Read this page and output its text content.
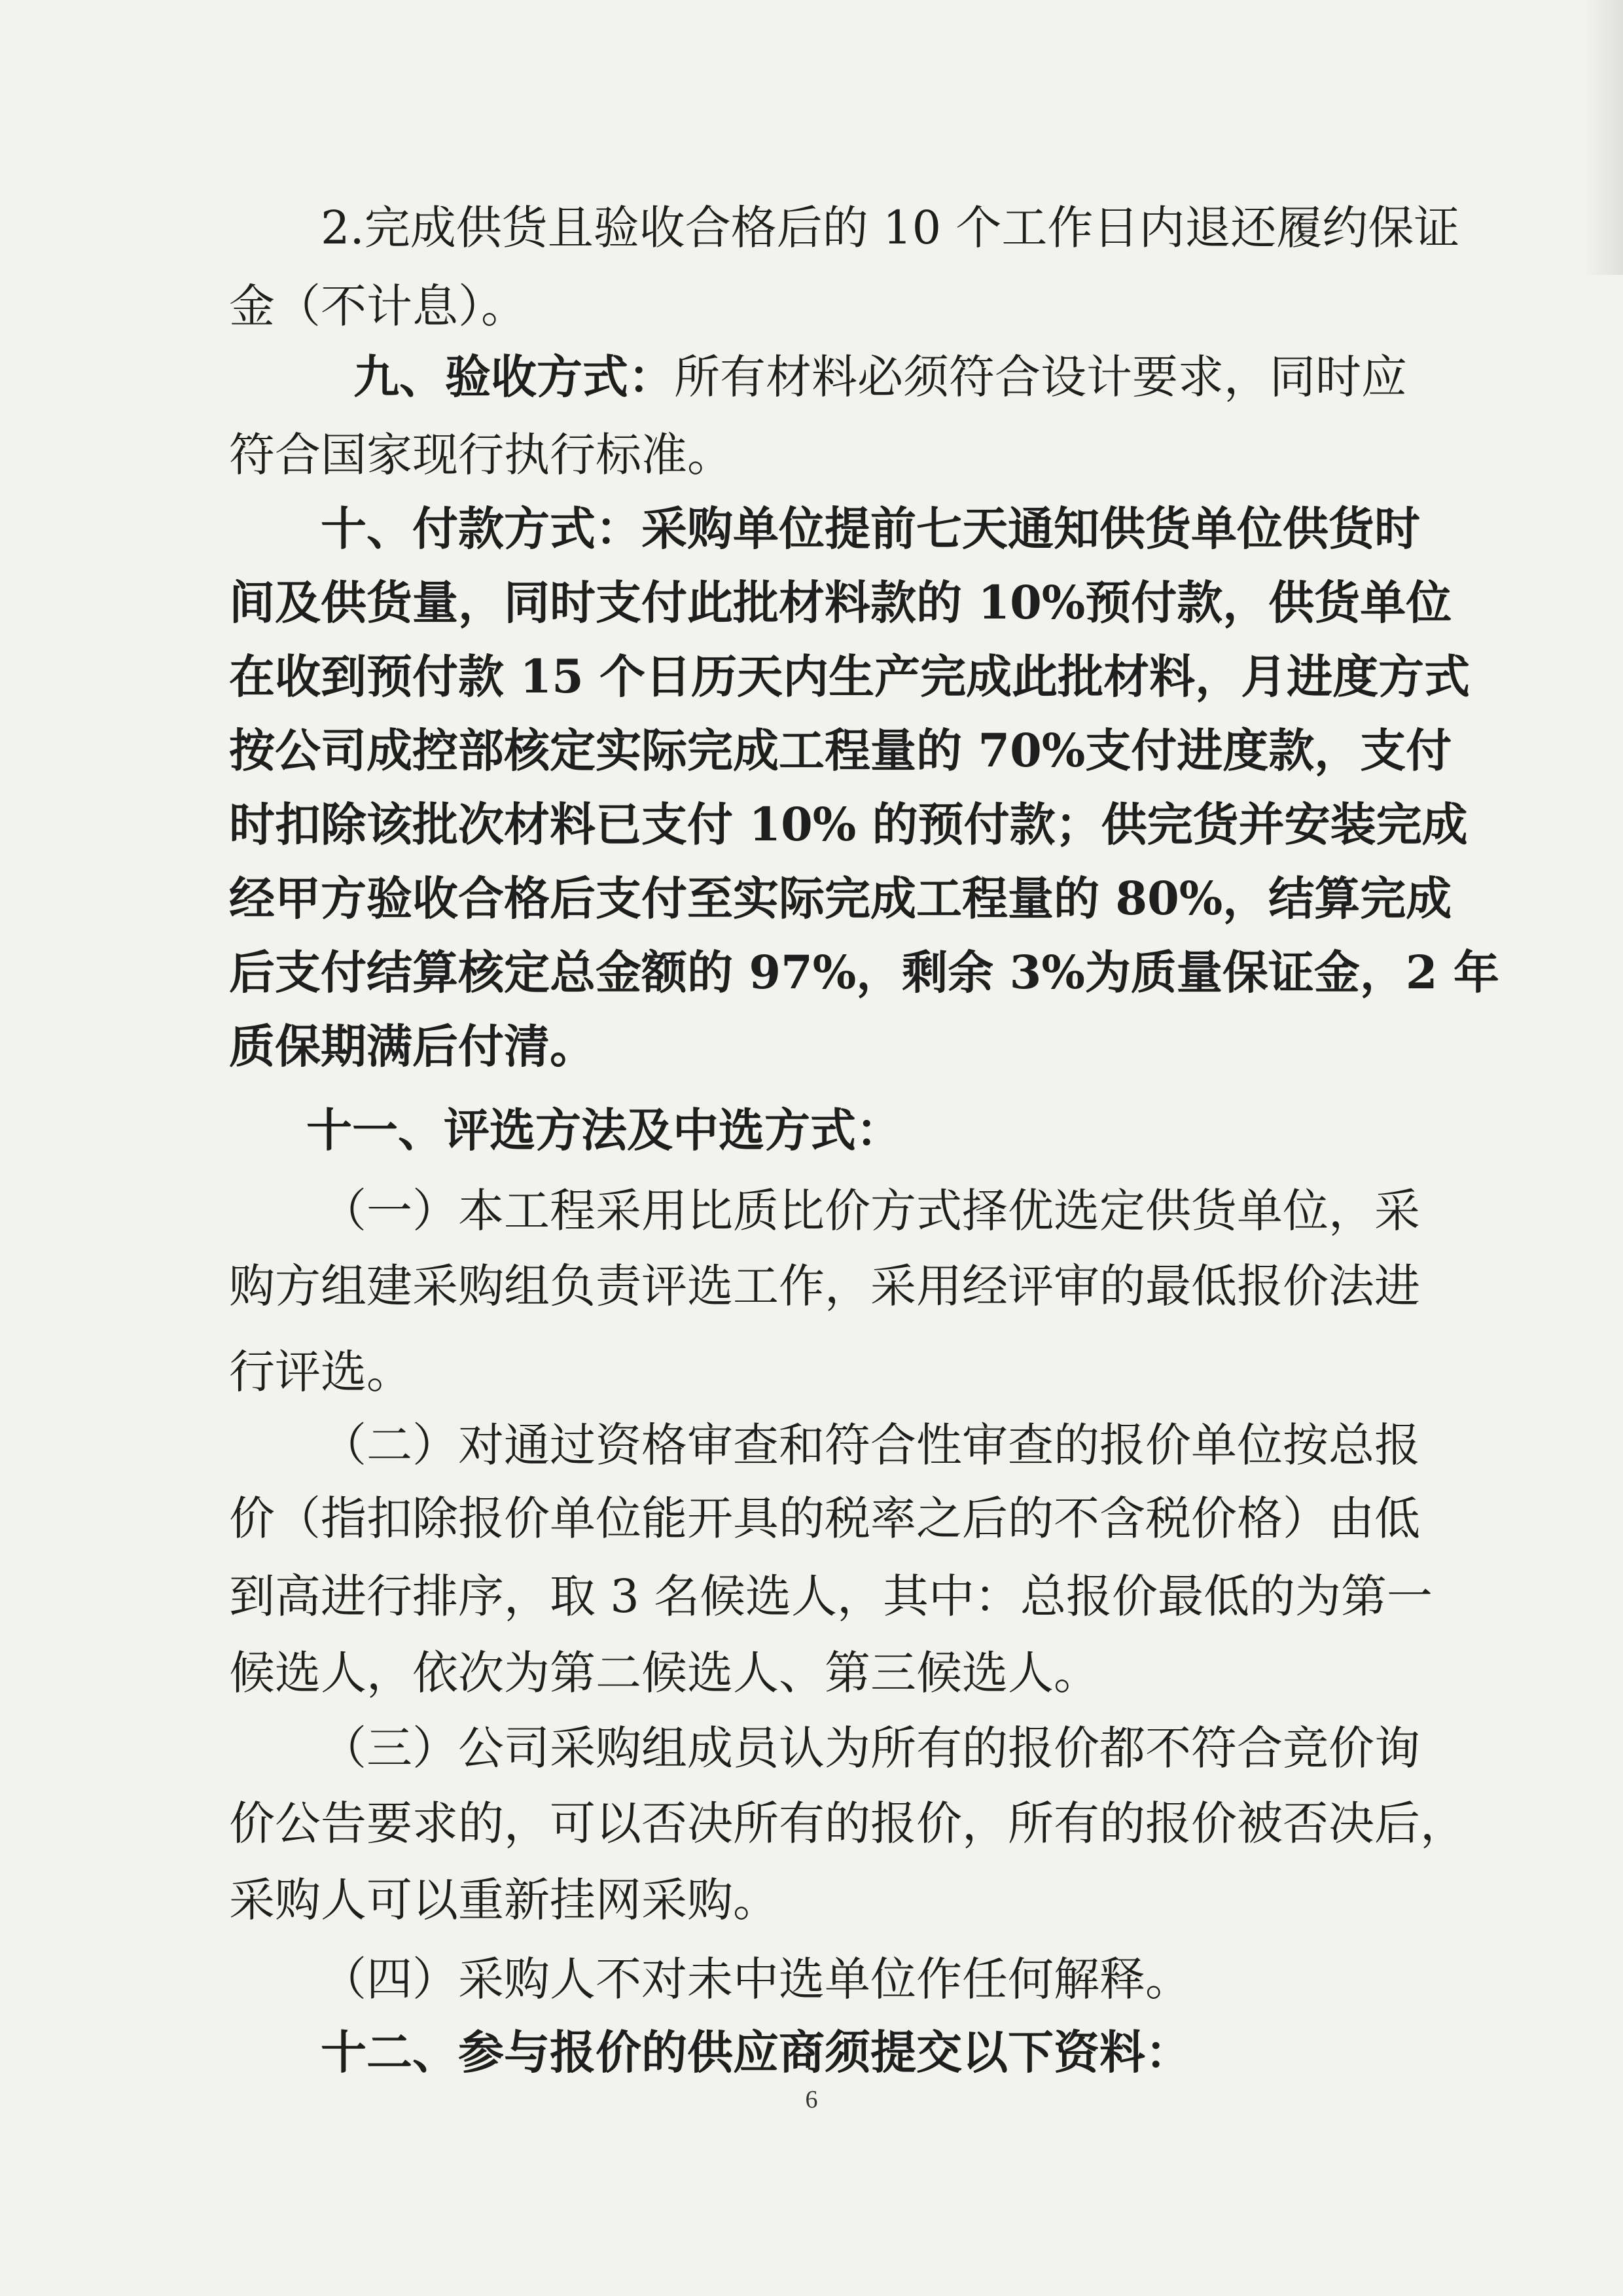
2.完成供货且验收合格后的 10 个工作日内退还履约保证
金（不计息）。
九、验收方式：所有材料必须符合设计要求，同时应
符合国家现行执行标准。
十、付款方式：采购单位提前七天通知供货单位供货时
间及供货量，同时支付此批材料款的 10%预付款，供货单位
在收到预付款 15 个日历天内生产完成此批材料，月进度方式
按公司成控部核定实际完成工程量的 70%支付进度款，支付
时扣除该批次材料已支付 10% 的预付款；供完货并安装完成
经甲方验收合格后支付至实际完成工程量的 80%，结算完成
后支付结算核定总金额的 97%，剩余 3%为质量保证金，2 年
质保期满后付清。
十一、评选方法及中选方式：
（一）本工程采用比质比价方式择优选定供货单位，采
购方组建采购组负责评选工作，采用经评审的最低报价法进
行评选。
（二）对通过资格审查和符合性审查的报价单位按总报
价（指扣除报价单位能开具的税率之后的不含税价格）由低
到高进行排序，取 3 名候选人，其中：总报价最低的为第一
候选人，依次为第二候选人、第三候选人。
（三）公司采购组成员认为所有的报价都不符合竞价询
价公告要求的，可以否决所有的报价，所有的报价被否决后，
采购人可以重新挂网采购。
（四）采购人不对未中选单位作任何解释。
十二、参与报价的供应商须提交以下资料：
6
